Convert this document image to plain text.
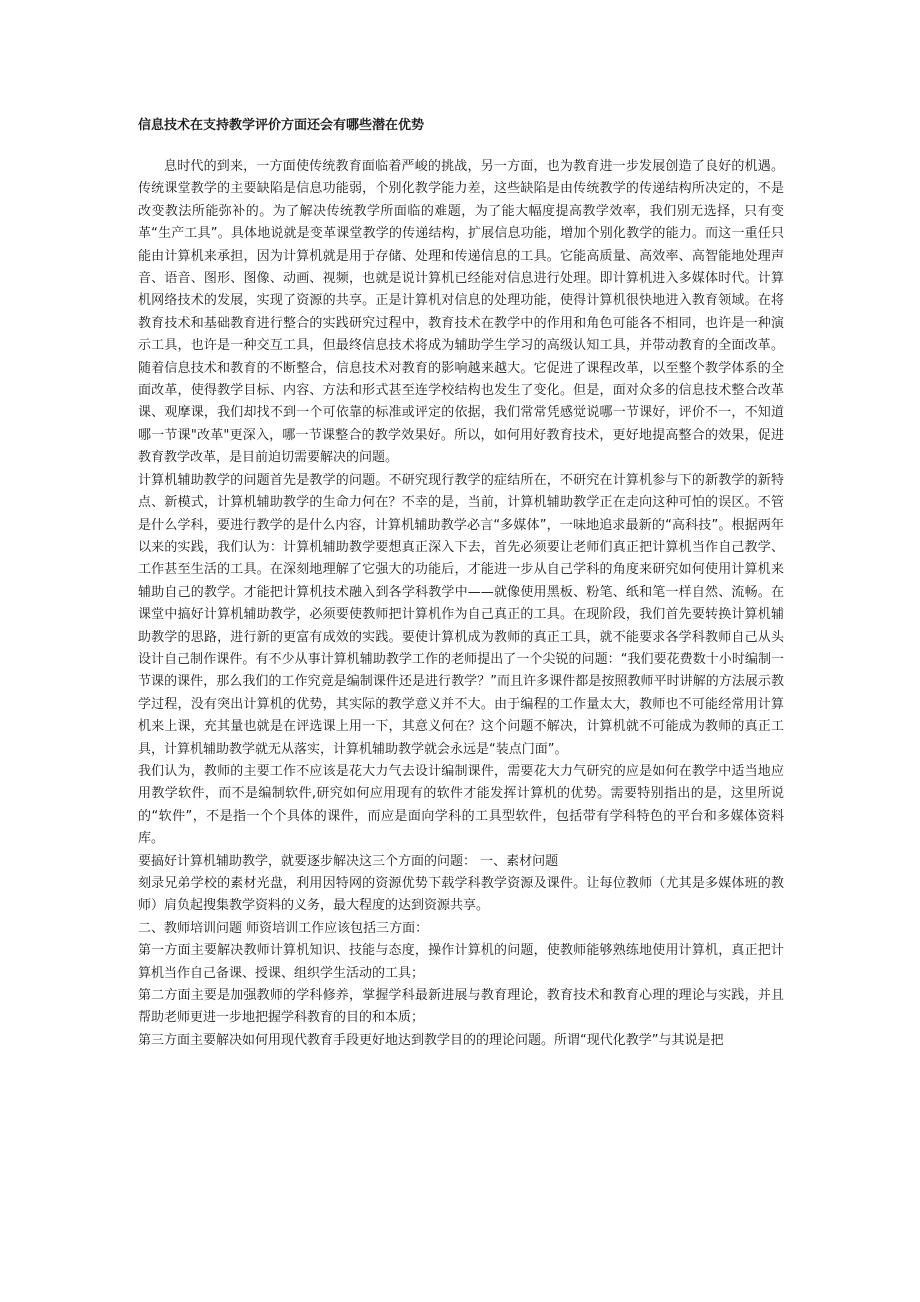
信息技术在支持教学评价方面还会有哪些潜在优势

息时代的到来，一方面使传统教育面临着严峻的挑战，另一方面，也为教育进一步发展创造了良好的机遇。传统课堂教学的主要缺陷是信息功能弱，个别化教学能力差，这些缺陷是由传统教学的传递结构所决定的，不是改变教法所能弥补的。为了解决传统教学所面临的难题，为了能大幅度提高教学效率，我们别无选择，只有变革“生产工具”。具体地说就是变革课堂教学的传递结构，扩展信息功能，增加个别化教学的能力。而这一重任只能由计算机来承担，因为计算机就是用于存储、处理和传递信息的工具。它能高质量、高效率、高智能地处理声音、语音、图形、图像、动画、视频，也就是说计算机已经能对信息进行处理。即计算机进入多媒体时代。计算机网络技术的发展，实现了资源的共享。正是计算机对信息的处理功能，使得计算机很快地进入教育领域。在将教育技术和基础教育进行整合的实践研究过程中，教育技术在教学中的作用和角色可能各不相同，也许是一种演示工具，也许是一种交互工具，但最终信息技术将成为辅助学生学习的高级认知工具，并带动教育的全面改革。随着信息技术和教育的不断整合，信息技术对教育的影响越来越大。它促进了课程改革，以至整个教学体系的全面改革，使得教学目标、内容、方法和形式甚至连学校结构也发生了变化。但是，面对众多的信息技术整合改革课、观摩课，我们却找不到一个可依靠的标准或评定的依据，我们常常凭感觉说哪一节课好，评价不一，不知道哪一节课"改革"更深入，哪一节课整合的教学效果好。所以，如何用好教育技术，更好地提高整合的效果，促进教育教学改革，是目前迫切需要解决的问题。

计算机辅助教学的问题首先是教学的问题。不研究现行教学的症结所在，不研究在计算机参与下的新教学的新特点、新模式，计算机辅助教学的生命力何在？不幸的是，当前，计算机辅助教学正在走向这种可怕的误区。不管是什么学科，要进行教学的是什么内容，计算机辅助教学必言“多媒体”，一味地追求最新的“高科技”。根据两年以来的实践，我们认为：计算机辅助教学要想真正深入下去，首先必须要让老师们真正把计算机当作自己教学、工作甚至生活的工具。在深刻地理解了它强大的功能后，才能进一步从自己学科的角度来研究如何使用计算机来辅助自己的教学。才能把计算机技术融入到各学科教学中——就像使用黑板、粉笔、纸和笔一样自然、流畅。在课堂中搞好计算机辅助教学，必须要使教师把计算机作为自己真正的工具。在现阶段，我们首先要转换计算机辅助教学的思路，进行新的更富有成效的实践。要使计算机成为教师的真正工具，就不能要求各学科教师自己从头设计自己制作课件。有不少从事计算机辅助教学工作的老师提出了一个尖锐的问题：“我们要花费数十小时编制一节课的课件，那么我们的工作究竟是编制课件还是进行教学？”而且许多课件都是按照教师平时讲解的方法展示教学过程，没有突出计算机的优势，其实际的教学意义并不大。由于编程的工作量太大，教师也不可能经常用计算机来上课，充其量也就是在评选课上用一下，其意义何在？这个问题不解决，计算机就不可能成为教师的真正工具，计算机辅助教学就无从落实，计算机辅助教学就会永远是“装点门面”。

我们认为，教师的主要工作不应该是花大力气去设计编制课件，需要花大力气研究的应是如何在教学中适当地应用教学软件，而不是编制软件,研究如何应用现有的软件才能发挥计算机的优势。需要特别指出的是，这里所说的“软件”，不是指一个个具体的课件，而应是面向学科的工具型软件，包括带有学科特色的平台和多媒体资料库。

要搞好计算机辅助教学，就要逐步解决这三个方面的问题： 一、素材问题

刻录兄弟学校的素材光盘，利用因特网的资源优势下载学科教学资源及课件。让每位教师（尤其是多媒体班的教师）肩负起搜集教学资料的义务，最大程度的达到资源共享。

二、教师培训问题 师资培训工作应该包括三方面：

第一方面主要解决教师计算机知识、技能与态度，操作计算机的问题，使教师能够熟练地使用计算机，真正把计算机当作自己备课、授课、组织学生活动的工具；

第二方面主要是加强教师的学科修养，掌握学科最新进展与教育理论，教育技术和教育心理的理论与实践，并且帮助老师更进一步地把握学科教育的目的和本质；

第三方面主要解决如何用现代教育手段更好地达到教学目的的理论问题。所谓“现代化教学”与其说是把
